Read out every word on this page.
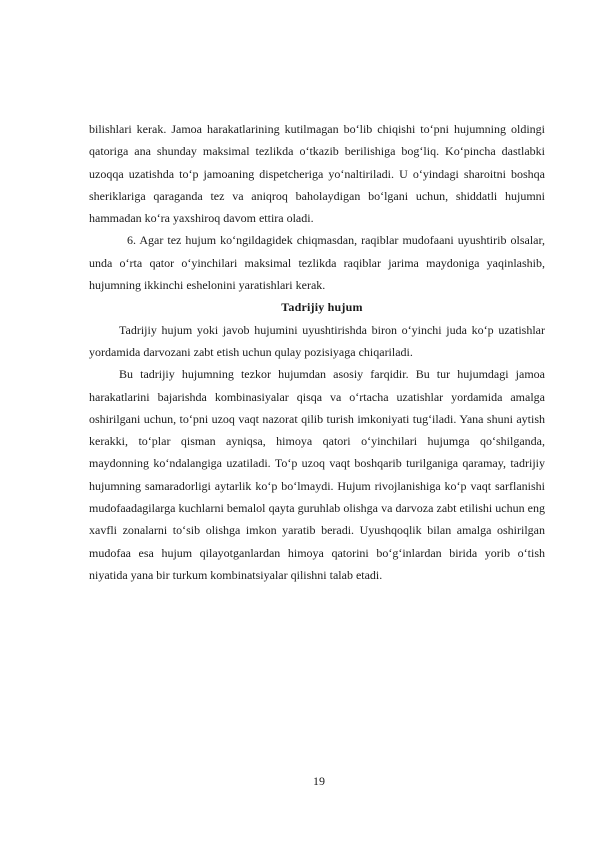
bilishlari kerak. Jamoa harakatlarining kutilmagan bo‘lib chiqishi to‘pni hujumning oldingi qatoriga ana shunday maksimal tezlikda o‘tkazib berilishiga bog‘liq. Ko‘pincha dastlabki uzoqqa uzatishda to‘p jamoaning dispetcheriga yo‘naltiriladi. U o‘yindagi sharoitni boshqa sheriklariga qaraganda tez va aniqroq baholaydigan bo‘lgani uchun, shiddatli hujumni hammadan ko‘ra yaxshiroq davom ettira oladi.

6. Agar tez hujum ko‘ngildagidek chiqmasdan, raqiblar mudofaani uyushtirib olsalar, unda o‘rta qator o‘yinchilari maksimal tezlikda raqiblar jarima maydoniga yaqinlashib, hujumning ikkinchi eshelonini yaratishlari kerak.

Tadrijiy hujum

Tadrijiy hujum yoki javob hujumini uyushtirishda biron o‘yinchi juda ko‘p uzatishlar yordamida darvozani zabt etish uchun qulay pozisiyaga chiqariladi.

Bu tadrijiy hujumning tezkor hujumdan asosiy farqidir. Bu tur hujumdagi jamoa harakatlarini bajarishda kombinasiyalar qisqa va o‘rtacha uzatishlar yordamida amalga oshirilgani uchun, to‘pni uzoq vaqt nazorat qilib turish imkoniyati tug‘iladi. Yana shuni aytish kerakki, to‘plar qisman ayniqsa, himoya qatori o‘yinchilari hujumga qo‘shilganda, maydonning ko‘ndalangiga uzatiladi. To‘p uzoq vaqt boshqarib turilganiga qaramay, tadrijiy hujumning samaradorligi aytarlik ko‘p bo‘lmaydi. Hujum rivojlanishiga ko‘p vaqt sarflanishi mudofaadagilarga kuchlarni bemalol qayta guruhlab olishga va darvoza zabt etilishi uchun eng xavfli zonalarni to‘sib olishga imkon yaratib beradi. Uyushqoqlik bilan amalga oshirilgan mudofaa esa hujum qilayotganlardan himoya qatorini bo‘g‘inlardan birida yorib o‘tish niyatida yana bir turkum kombinatsiyalar qilishni talab etadi.

19
